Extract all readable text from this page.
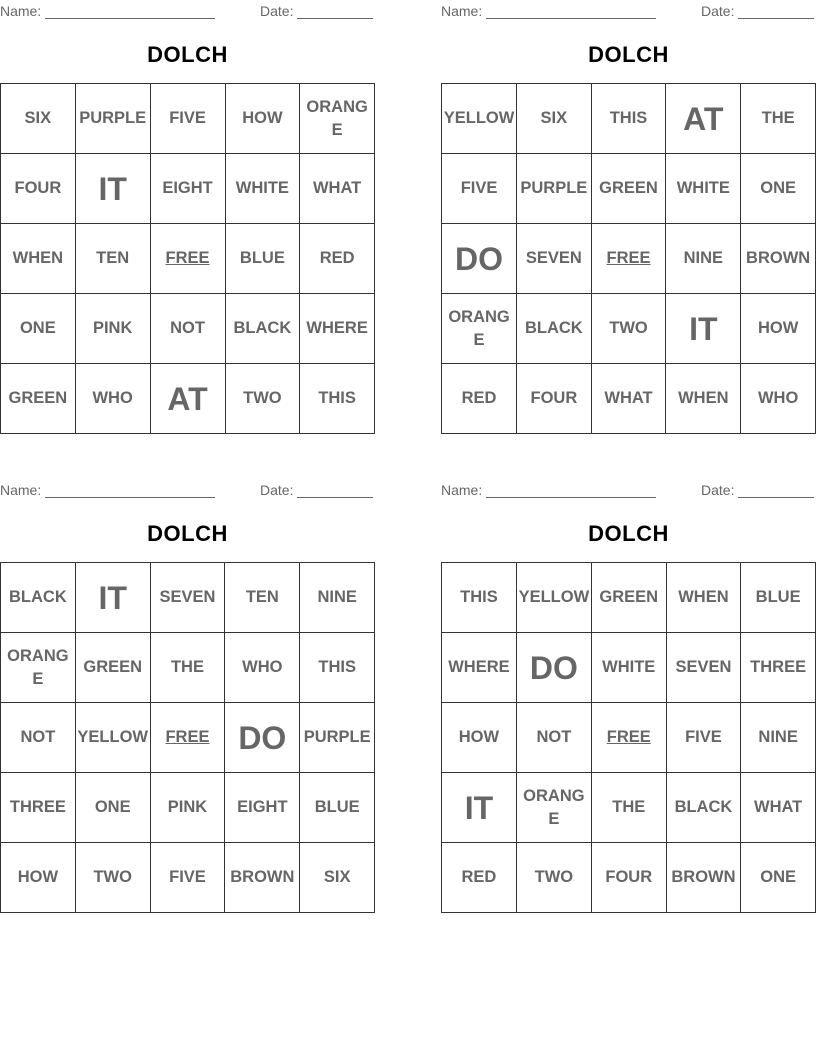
Name:	Date:
DOLCH
SIX	PURPLE	FIVE	HOW	ORANGE
FOUR	IT	EIGHT	WHITE	WHAT
WHEN	TEN	FREE	BLUE	RED
ONE	PINK	NOT	BLACK	WHERE
GREEN	WHO	AT	TWO	THIS
Name:	Date:
DOLCH
YELLOW	SIX	THIS	AT	THE
FIVE	PURPLE	GREEN	WHITE	ONE
DO	SEVEN	FREE	NINE	BROWN
ORANGE	BLACK	TWO	IT	HOW
RED	FOUR	WHAT	WHEN	WHO
Name:	Date:
DOLCH
BLACK	IT	SEVEN	TEN	NINE
ORANGE	GREEN	THE	WHO	THIS
NOT	YELLOW	FREE	DO	PURPLE
THREE	ONE	PINK	EIGHT	BLUE
HOW	TWO	FIVE	BROWN	SIX
Name:	Date:
DOLCH
THIS	YELLOW	GREEN	WHEN	BLUE
WHERE	DO	WHITE	SEVEN	THREE
HOW	NOT	FREE	FIVE	NINE
IT	ORANGE	THE	BLACK	WHAT
RED	TWO	FOUR	BROWN	ONE
